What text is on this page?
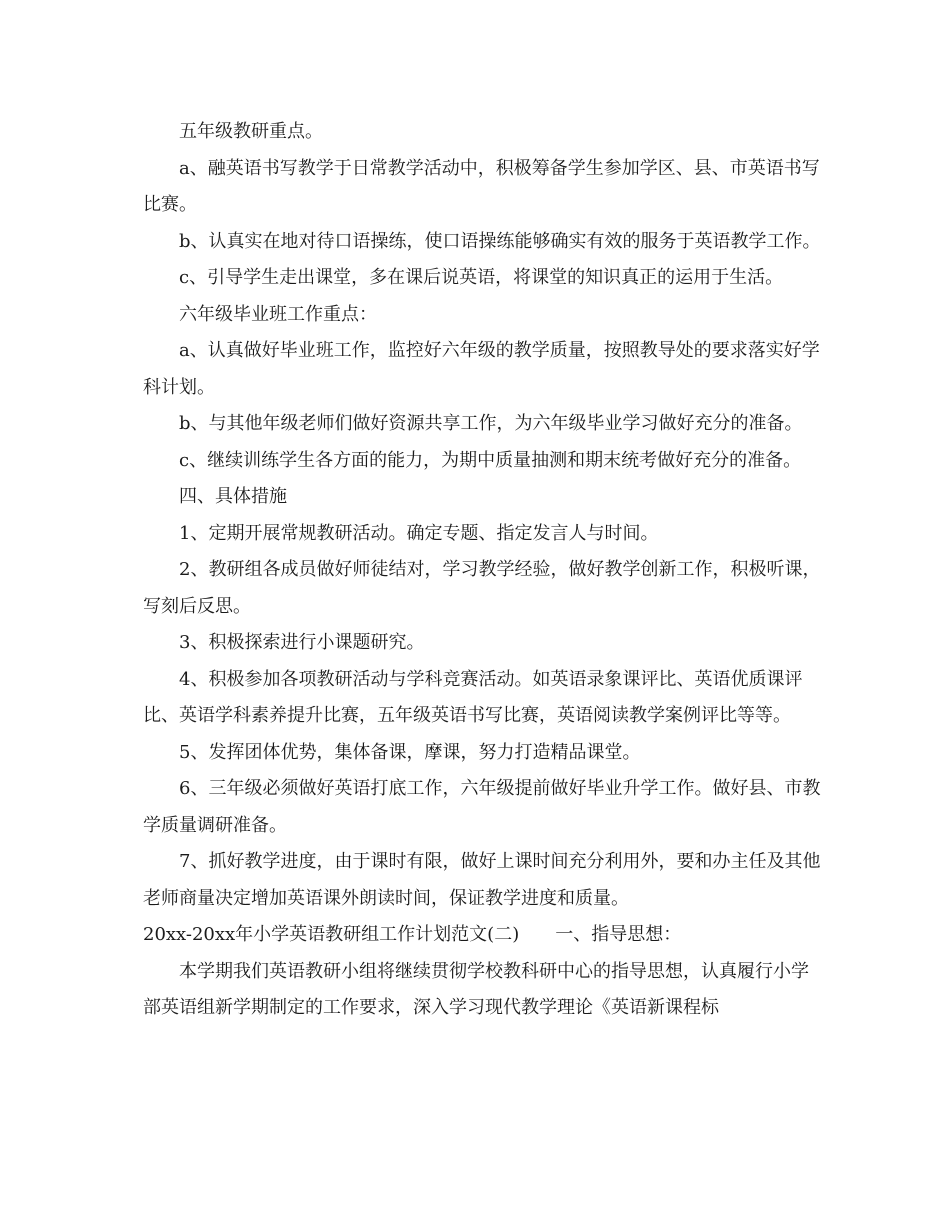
五年级教研重点。

a、融英语书写教学于日常教学活动中，积极筹备学生参加学区、县、市英语书写比赛。

b、认真实在地对待口语操练，使口语操练能够确实有效的服务于英语教学工作。

c、引导学生走出课堂，多在课后说英语，将课堂的知识真正的运用于生活。

六年级毕业班工作重点：

a、认真做好毕业班工作，监控好六年级的教学质量，按照教导处的要求落实好学科计划。

b、与其他年级老师们做好资源共享工作，为六年级毕业学习做好充分的准备。

c、继续训练学生各方面的能力，为期中质量抽测和期末统考做好充分的准备。

四、具体措施

1、定期开展常规教研活动。确定专题、指定发言人与时间。

2、教研组各成员做好师徒结对，学习教学经验，做好教学创新工作，积极听课，写刻后反思。

3、积极探索进行小课题研究。

4、积极参加各项教研活动与学科竞赛活动。如英语录象课评比、英语优质课评比、英语学科素养提升比赛，五年级英语书写比赛，英语阅读教学案例评比等等。

5、发挥团体优势，集体备课，摩课，努力打造精品课堂。

6、三年级必须做好英语打底工作，六年级提前做好毕业升学工作。做好县、市教学质量调研准备。

7、抓好教学进度，由于课时有限，做好上课时间充分利用外，要和办主任及其他老师商量决定增加英语课外朗读时间，保证教学进度和质量。

20xx-20xx年小学英语教研组工作计划范文(二) 一、指导思想：

本学期我们英语教研小组将继续贯彻学校教科研中心的指导思想，认真履行小学部英语组新学期制定的工作要求，深入学习现代教学理论《英语新课程标
